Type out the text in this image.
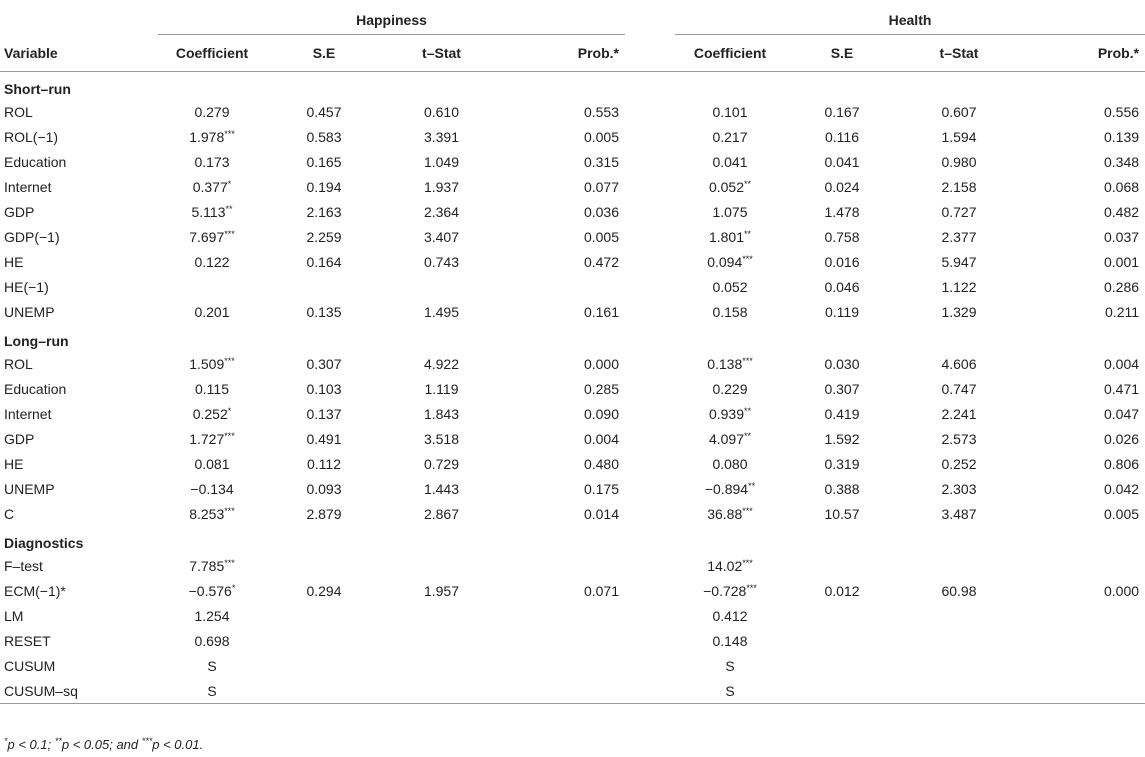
	Happiness					Health			

Variable	Coefficient	S.E	t–Stat	Prob.*		Coefficient	S.E	t–Stat	Prob.*
Short–run									
ROL	0.279	0.457	0.610	0.553		0.101	0.167	0.607	0.556
ROL(−1)	1.978***	0.583	3.391	0.005		0.217	0.116	1.594	0.139
Education	0.173	0.165	1.049	0.315		0.041	0.041	0.980	0.348
Internet	0.377*	0.194	1.937	0.077		0.052**	0.024	2.158	0.068
GDP	5.113**	2.163	2.364	0.036		1.075	1.478	0.727	0.482
GDP(−1)	7.697***	2.259	3.407	0.005		1.801**	0.758	2.377	0.037
HE	0.122	0.164	0.743	0.472		0.094***	0.016	5.947	0.001
HE(−1)						0.052	0.046	1.122	0.286
UNEMP	0.201	0.135	1.495	0.161		0.158	0.119	1.329	0.211
Long–run									
ROL	1.509***	0.307	4.922	0.000		0.138***	0.030	4.606	0.004
Education	0.115	0.103	1.119	0.285		0.229	0.307	0.747	0.471
Internet	0.252*	0.137	1.843	0.090		0.939**	0.419	2.241	0.047
GDP	1.727***	0.491	3.518	0.004		4.097**	1.592	2.573	0.026
HE	0.081	0.112	0.729	0.480		0.080	0.319	0.252	0.806
UNEMP	−0.134	0.093	1.443	0.175		−0.894**	0.388	2.303	0.042
C	8.253***	2.879	2.867	0.014		36.88***	10.57	3.487	0.005
Diagnostics									
F–test	7.785***					14.02***			
ECM(−1)*	−0.576*	0.294	1.957	0.071		−0.728***	0.012	60.98	0.000
LM	1.254					0.412			
RESET	0.698					0.148			
CUSUM	S					S			
CUSUM–sq	S					S			
*p < 0.1; **p < 0.05; and ***p < 0.01.
